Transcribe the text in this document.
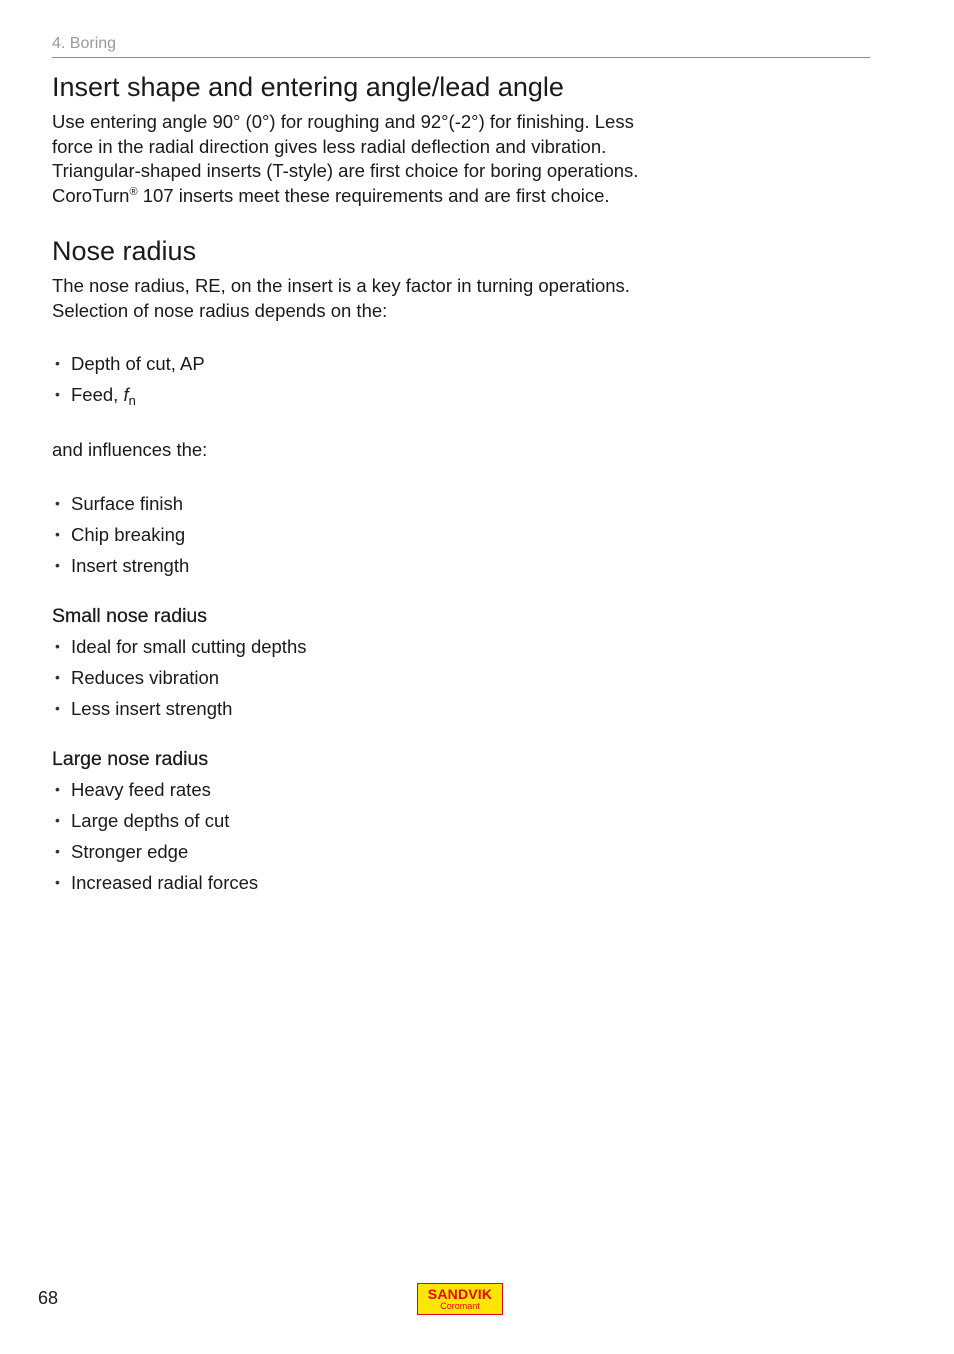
4. Boring
Insert shape and entering angle/lead angle

Use entering angle 90° (0°) for roughing and 92°(-2°) for finishing. Less force in the radial direction gives less radial deflection and vibration. Triangular-shaped inserts (T-style) are first choice for boring operations. CoroTurn® 107 inserts meet these requirements and are first choice.

Nose radius

The nose radius, RE, on the insert is a key factor in turning operations. Selection of nose radius depends on the:

• Depth of cut, AP
• Feed, $f_n$

and influences the:

• Surface finish
• Chip breaking
• Insert strength
Small nose radius
• Ideal for small cutting depths
• Reduces vibration
• Less insert strength
Large nose radius
• Heavy feed rates
• Large depths of cut
• Stronger edge
• Increased radial forces
68	SANDVIK
Coromant
